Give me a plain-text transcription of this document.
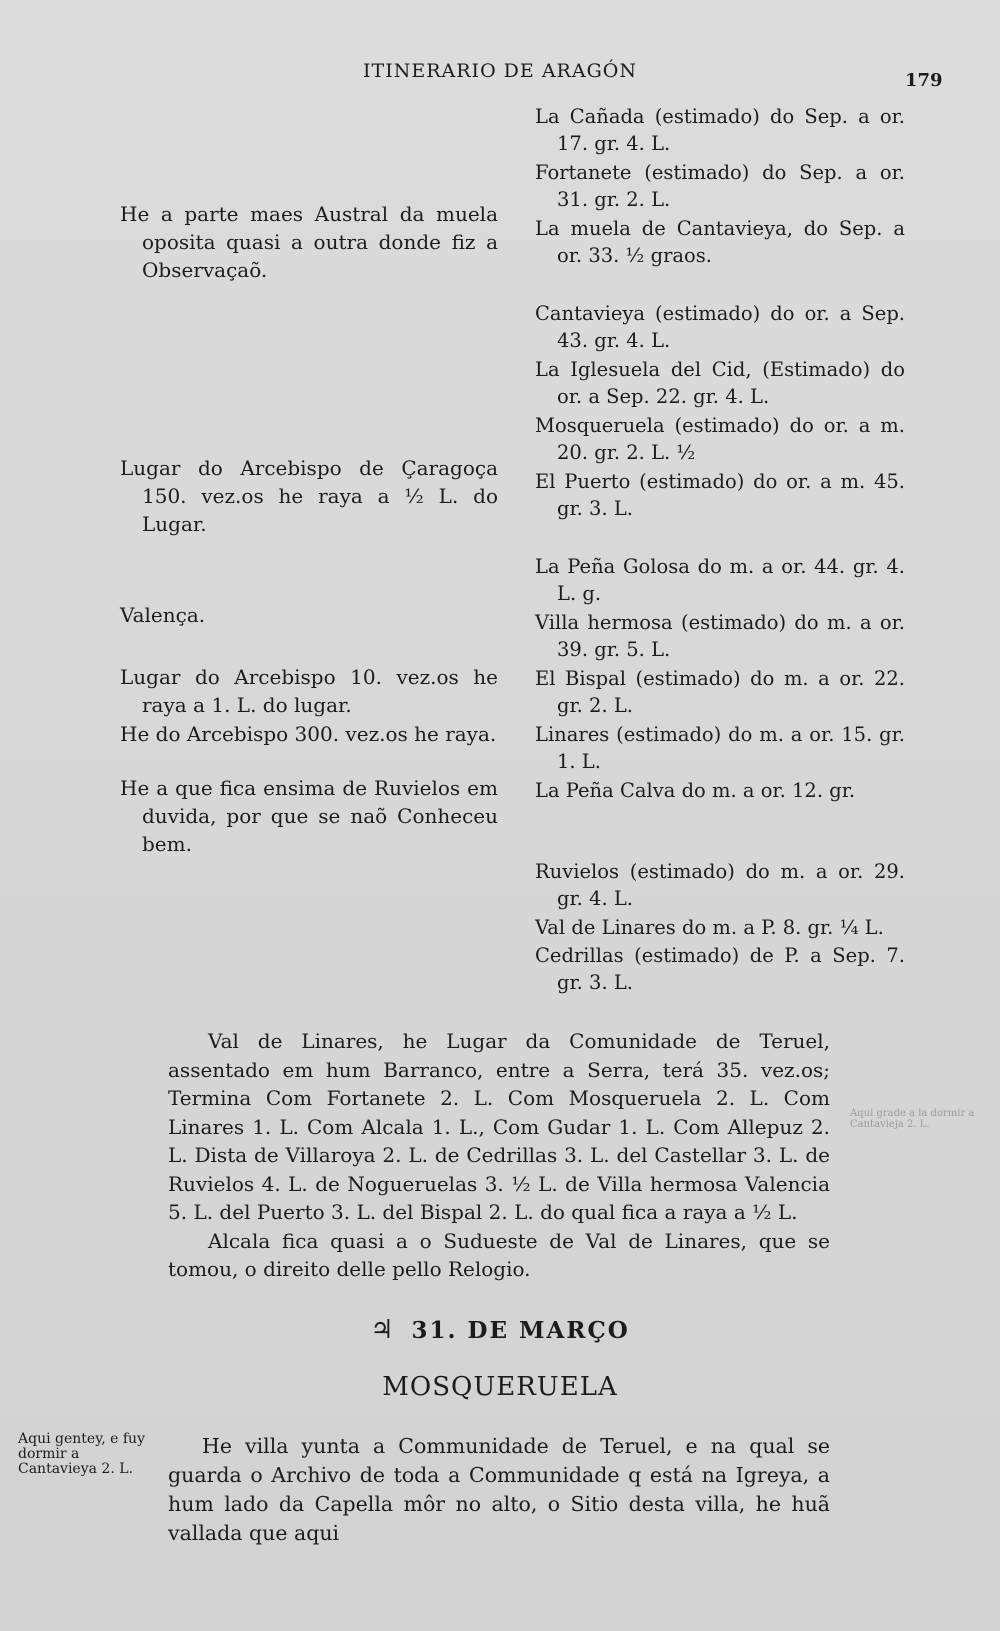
ITINERARIO DE ARAGÓN	179

He a parte maes Austral da muela oposita quasi a outra donde fiz a Observaçaõ.

Lugar do Arcebispo de Çaragoça 150. vez.os he raya a ½ L. do Lugar.

Valença.

Lugar do Arcebispo 10. vez.os he raya a 1. L. do lugar.

He do Arcebispo 300. vez.os he raya.

He a que fica ensima de Ruvielos em duvida, por que se naõ Conheceu bem.

La Cañada (estimado) do Sep. a or. 17. gr. 4. L.

Fortanete (estimado) do Sep. a or. 31. gr. 2. L.

La muela de Cantavieya, do Sep. a or. 33. ½ graos.

Cantavieya (estimado) do or. a Sep. 43. gr. 4. L.

La Iglesuela del Cid, (Estimado) do or. a Sep. 22. gr. 4. L.

Mosqueruela (estimado) do or. a m. 20. gr. 2. L. ½

El Puerto (estimado) do or. a m. 45. gr. 3. L.

La Peña Golosa do m. a or. 44. gr. 4. L. g.

Villa hermosa (estimado) do m. a or. 39. gr. 5. L.

El Bispal (estimado) do m. a or. 22. gr. 2. L.

Linares (estimado) do m. a or. 15. gr. 1. L.

La Peña Calva do m. a or. 12. gr.

Ruvielos (estimado) do m. a or. 29. gr. 4. L.

Val de Linares do m. a P. 8. gr. ¼ L.

Cedrillas (estimado) de P. a Sep. 7. gr. 3. L.

Val de Linares, he Lugar da Comunidade de Teruel, assentado em hum Barranco, entre a Serra, terá 35. vez.os; Termina Com Fortanete 2. L. Com Mosqueruela 2. L. Com Linares 1. L. Com Alcala 1. L., Com Gudar 1. L. Com Allepuz 2. L. Dista de Villaroya 2. L. de Cedrillas 3. L. del Castellar 3. L. de Ruvielos 4. L. de Nogueruelas 3. ½ L. de Villa hermosa Valencia 5. L. del Puerto 3. L. del Bispal 2. L. do qual fica a raya a ½ L.

Alcala fica quasi a o Sudueste de Val de Linares, que se tomou, o direito delle pello Relogio.

Aqui grade a la dormir a Cantavieja 2. L.
♃ 31. DE MARÇO
MOSQUERUELA
Aqui gentey, e fuy dormir a Cantavieya 2. L.

He villa yunta a Communidade de Teruel, e na qual se guarda o Archivo de toda a Communidade q está na Igreya, a hum lado da Capella môr no alto, o Sitio desta villa, he huã vallada que aqui
